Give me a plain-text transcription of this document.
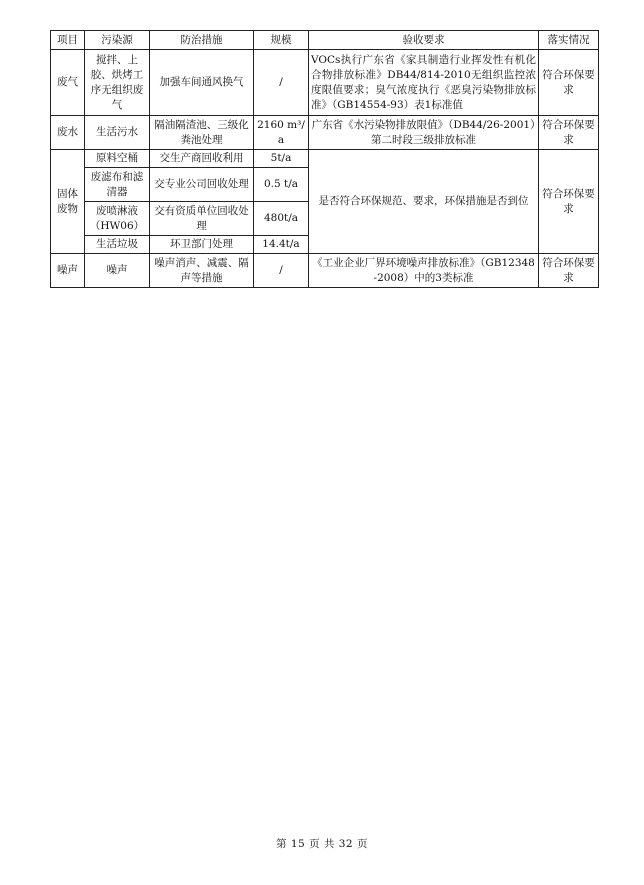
项目	污染源	防治措施	规模	验收要求	落实情况
废气	搅拌、上胶、烘烤工序无组织废气	加强车间通风换气	/	VOCs执行广东省《家具制造行业挥发性有机化合物排放标准》DB44/814-2010无组织监控浓度限值要求；臭气浓度执行《恶臭污染物排放标准》（GB14554-93）表1标准值	符合环保要求
废水	生活污水	隔油隔渣池、三级化粪池处理	2160 m³/a	广东省《水污染物排放限值》（DB44/26-2001）第二时段三级排放标准	符合环保要求
固体废物	原料空桶	交生产商回收利用	5t/a	是否符合环保规范、要求，环保措施是否到位	符合环保要求
	废滤布和滤清器	交专业公司回收处理	0.5 t/a		
	废喷淋液（HW06）	交有资质单位回收处理	480t/a		
	生活垃圾	环卫部门处理	14.4t/a		
噪声	噪声	噪声消声、减震、隔声等措施	/	《工业企业厂界环境噪声排放标准》（GB12348-2008）中的3类标准	符合环保要求
第 15 页 共 32 页
